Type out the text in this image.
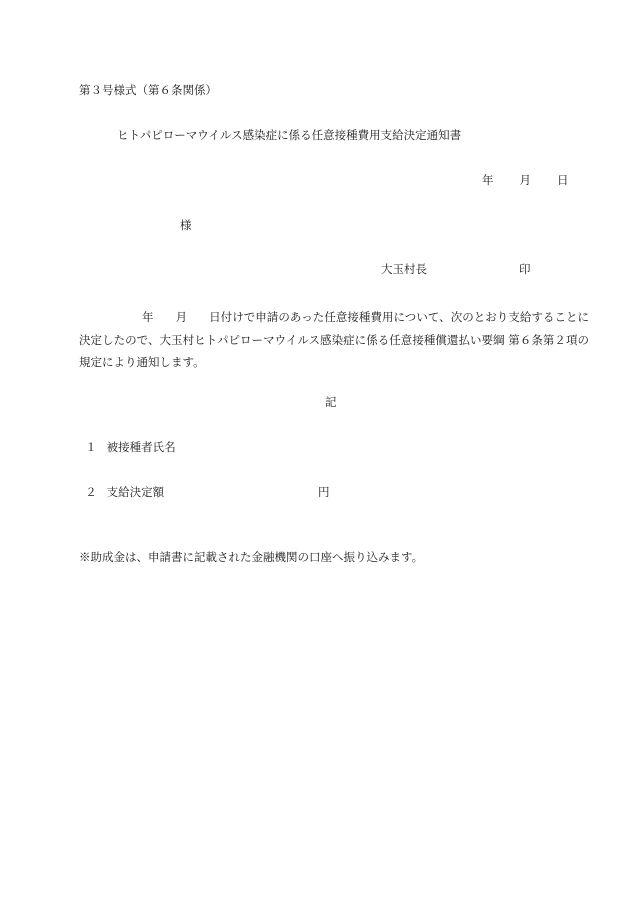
第３号様式（第６条関係）
ヒトパピローマウイルス感染症に係る任意接種費用支給決定通知書
年 月 日
様
大玉村長	印
年 月 日付けで申請のあった任意接種費用について、次のとおり支給することに決定したので、大玉村ヒトパピローマウイルス感染症に係る任意接種償還払い要綱 第６条第２項の規定により通知します。
記
１ 被接種者氏名
２ 支給決定額	円
※助成金は、申請書に記載された金融機関の口座へ振り込みます。
